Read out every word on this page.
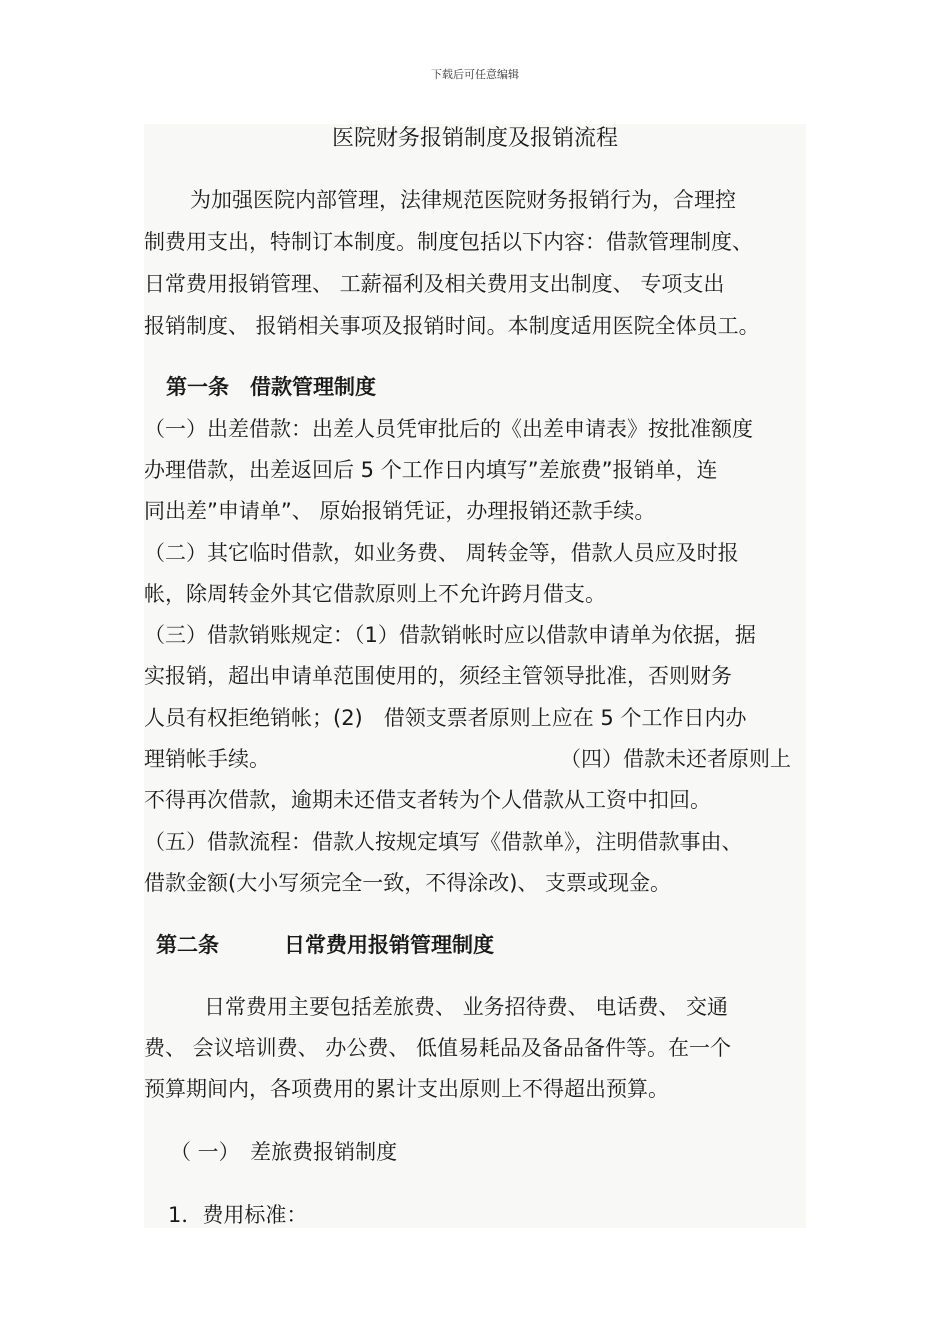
下载后可任意编辑
医院财务报销制度及报销流程
为加强医院内部管理，法律规范医院财务报销行为，合理控
制费用支出，特制订本制度。制度包括以下内容：借款管理制度、
日常费用报销管理、 工薪福利及相关费用支出制度、 专项支出
报销制度、 报销相关事项及报销时间。本制度适用医院全体员工。
第一条　借款管理制度
（一）出差借款：出差人员凭审批后的《出差申请表》按批准额度
办理借款，出差返回后 5 个工作日内填写”差旅费”报销单，连
同出差”申请单”、 原始报销凭证，办理报销还款手续。
（二）其它临时借款，如业务费、 周转金等，借款人员应及时报
帐，除周转金外其它借款原则上不允许跨月借支。
（三）借款销账规定：（1）借款销帐时应以借款申请单为依据，据
实报销，超出申请单范围使用的，须经主管领导批准，否则财务
人员有权拒绝销帐；(2)　借领支票者原则上应在 5 个工作日内办
理销帐手续。	（四）借款未还者原则上
不得再次借款，逾期未还借支者转为个人借款从工资中扣回。
（五）借款流程：借款人按规定填写《借款单》，注明借款事由、
借款金额(大小写须完全一致，不得涂改)、 支票或现金。
第二条	日常费用报销管理制度
日常费用主要包括差旅费、 业务招待费、 电话费、 交通
费、 会议培训费、 办公费、 低值易耗品及备品备件等。在一个
预算期间内，各项费用的累计支出原则上不得超出预算。
（ 一）　差旅费报销制度
1．费用标准：
